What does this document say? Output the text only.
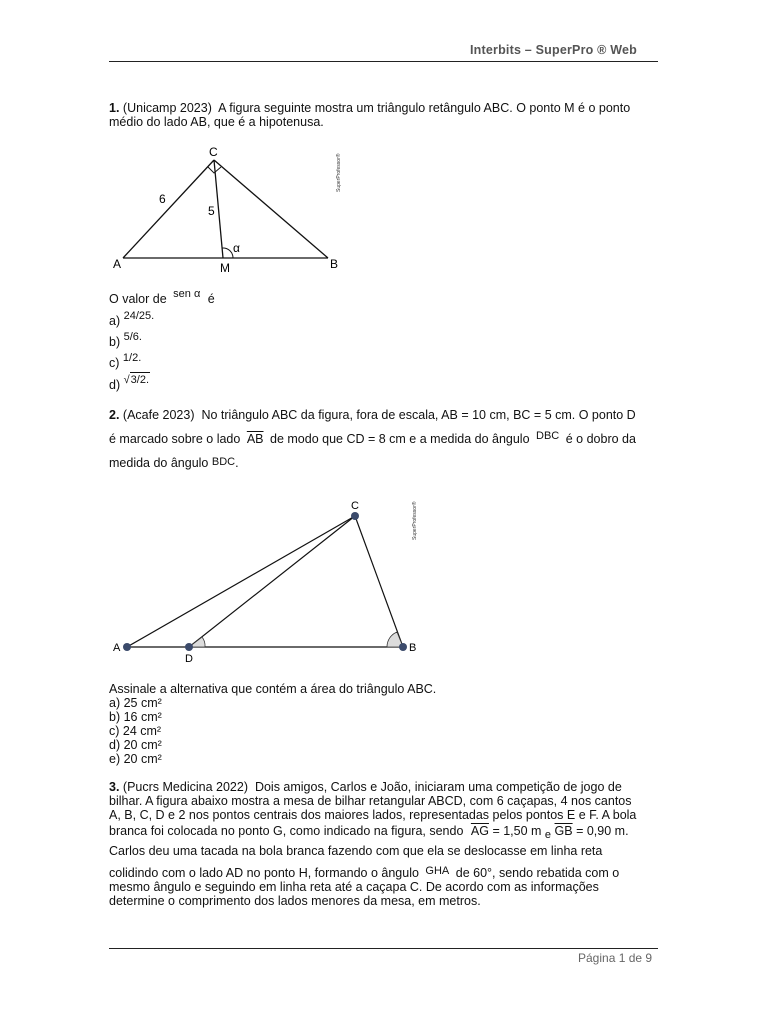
Interbits – SuperPro ® Web
1. (Unicamp 2023) A figura seguinte mostra um triângulo retângulo ABC. O ponto M é o ponto
médio do lado AB, que é a hipotenusa.
C
A	M	B
6
5
α
SuperProfessor®
O valor de sen α é
a) 24/25.
b) 5/6.
c) 1/2.
d) √3/2.
2. (Acafe 2023) No triângulo ABC da figura, fora de escala, AB = 10 cm, BC = 5 cm. O ponto D
é marcado sobre o lado $\overline{AB}$ de modo que CD = 8 cm e a medida do ângulo DBC é o dobro da
medida do ângulo BDC.
A
D
B
C	SuperProfessor®
Assinale a alternativa que contém a área do triângulo ABC.
a) 25 cm²
b) 16 cm²
c) 24 cm²
d) 20 cm²
e) 20 cm²
3. (Pucrs Medicina 2022) Dois amigos, Carlos e João, iniciaram uma competição de jogo de
bilhar. A figura abaixo mostra a mesa de bilhar retangular ABCD, com 6 caçapas, 4 nos cantos
A, B, C, D e 2 nos pontos centrais dos maiores lados, representadas pelos pontos E e F. A bola
branca foi colocada no ponto G, como indicado na figura, sendo $\overline{AG} = 1,50$ m e $\overline{GB} = 0,90$ m.
Carlos deu uma tacada na bola branca fazendo com que ela se deslocasse em linha reta
colidindo com o lado AD no ponto H, formando o ângulo GHA de 60°, sendo rebatida com o
mesmo ângulo e seguindo em linha reta até a caçapa C. De acordo com as informações
determine o comprimento dos lados menores da mesa, em metros.
Página 1 de 9
